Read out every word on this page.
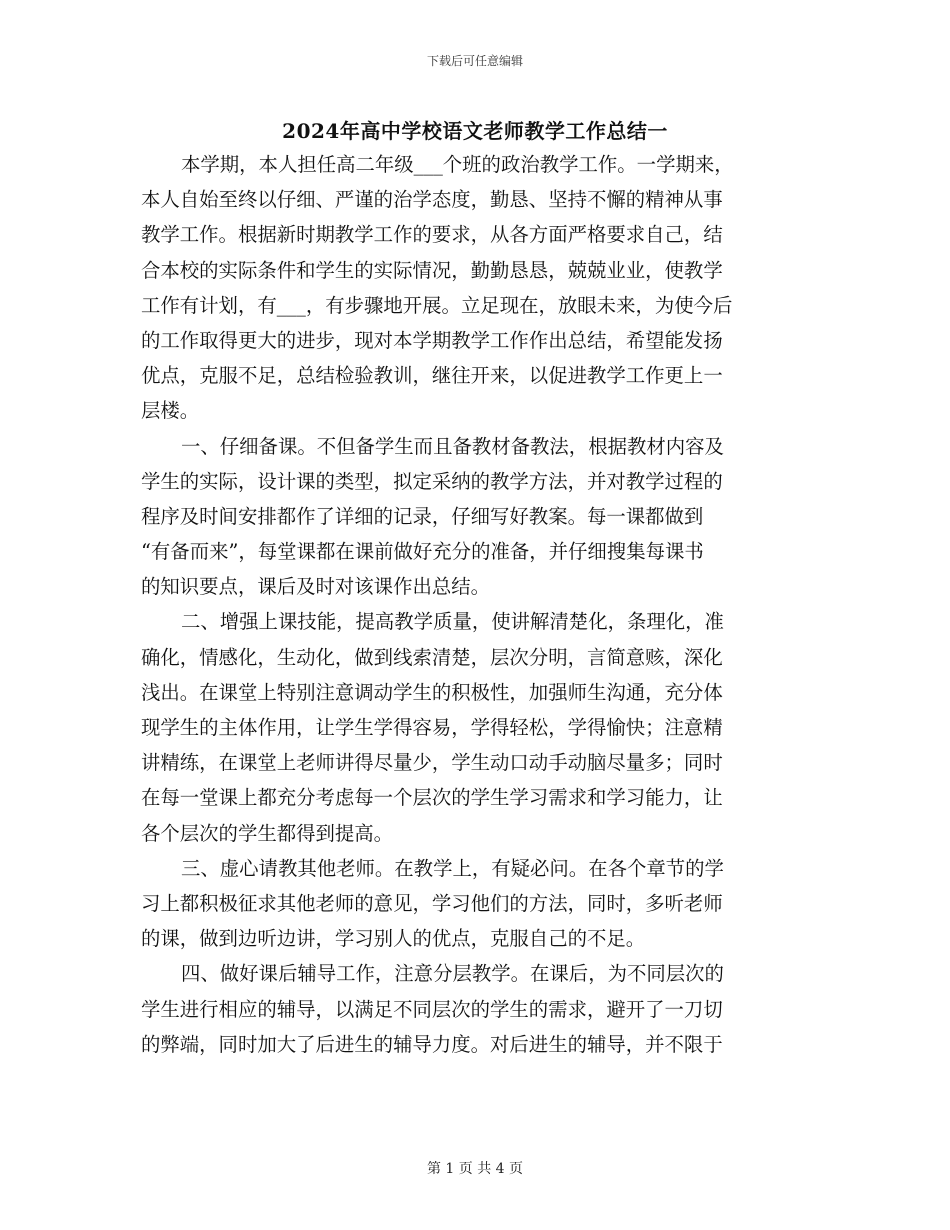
下载后可任意编辑
2024年高中学校语文老师教学工作总结一
本学期，本人担任高二年级___个班的政治教学工作。一学期来，
本人自始至终以仔细、严谨的治学态度，勤恳、坚持不懈的精神从事
教学工作。根据新时期教学工作的要求，从各方面严格要求自己，结
合本校的实际条件和学生的实际情况，勤勤恳恳，兢兢业业，使教学
工作有计划，有___，有步骤地开展。立足现在，放眼未来，为使今后
的工作取得更大的进步，现对本学期教学工作作出总结，希望能发扬
优点，克服不足，总结检验教训，继往开来，以促进教学工作更上一
层楼。
一、仔细备课。不但备学生而且备教材备教法，根据教材内容及
学生的实际，设计课的类型，拟定采纳的教学方法，并对教学过程的
程序及时间安排都作了详细的记录，仔细写好教案。每一课都做到
“有备而来”，每堂课都在课前做好充分的准备，并仔细搜集每课书
的知识要点，课后及时对该课作出总结。
二、增强上课技能，提高教学质量，使讲解清楚化，条理化，准
确化，情感化，生动化，做到线索清楚，层次分明，言简意赅，深化
浅出。在课堂上特别注意调动学生的积极性，加强师生沟通，充分体
现学生的主体作用，让学生学得容易，学得轻松，学得愉快；注意精
讲精练，在课堂上老师讲得尽量少，学生动口动手动脑尽量多；同时
在每一堂课上都充分考虑每一个层次的学生学习需求和学习能力，让
各个层次的学生都得到提高。
三、虚心请教其他老师。在教学上，有疑必问。在各个章节的学
习上都积极征求其他老师的意见，学习他们的方法，同时，多听老师
的课，做到边听边讲，学习别人的优点，克服自己的不足。
四、做好课后辅导工作，注意分层教学。在课后，为不同层次的
学生进行相应的辅导，以满足不同层次的学生的需求，避开了一刀切
的弊端，同时加大了后进生的辅导力度。对后进生的辅导，并不限于
第 1 页 共 4 页
